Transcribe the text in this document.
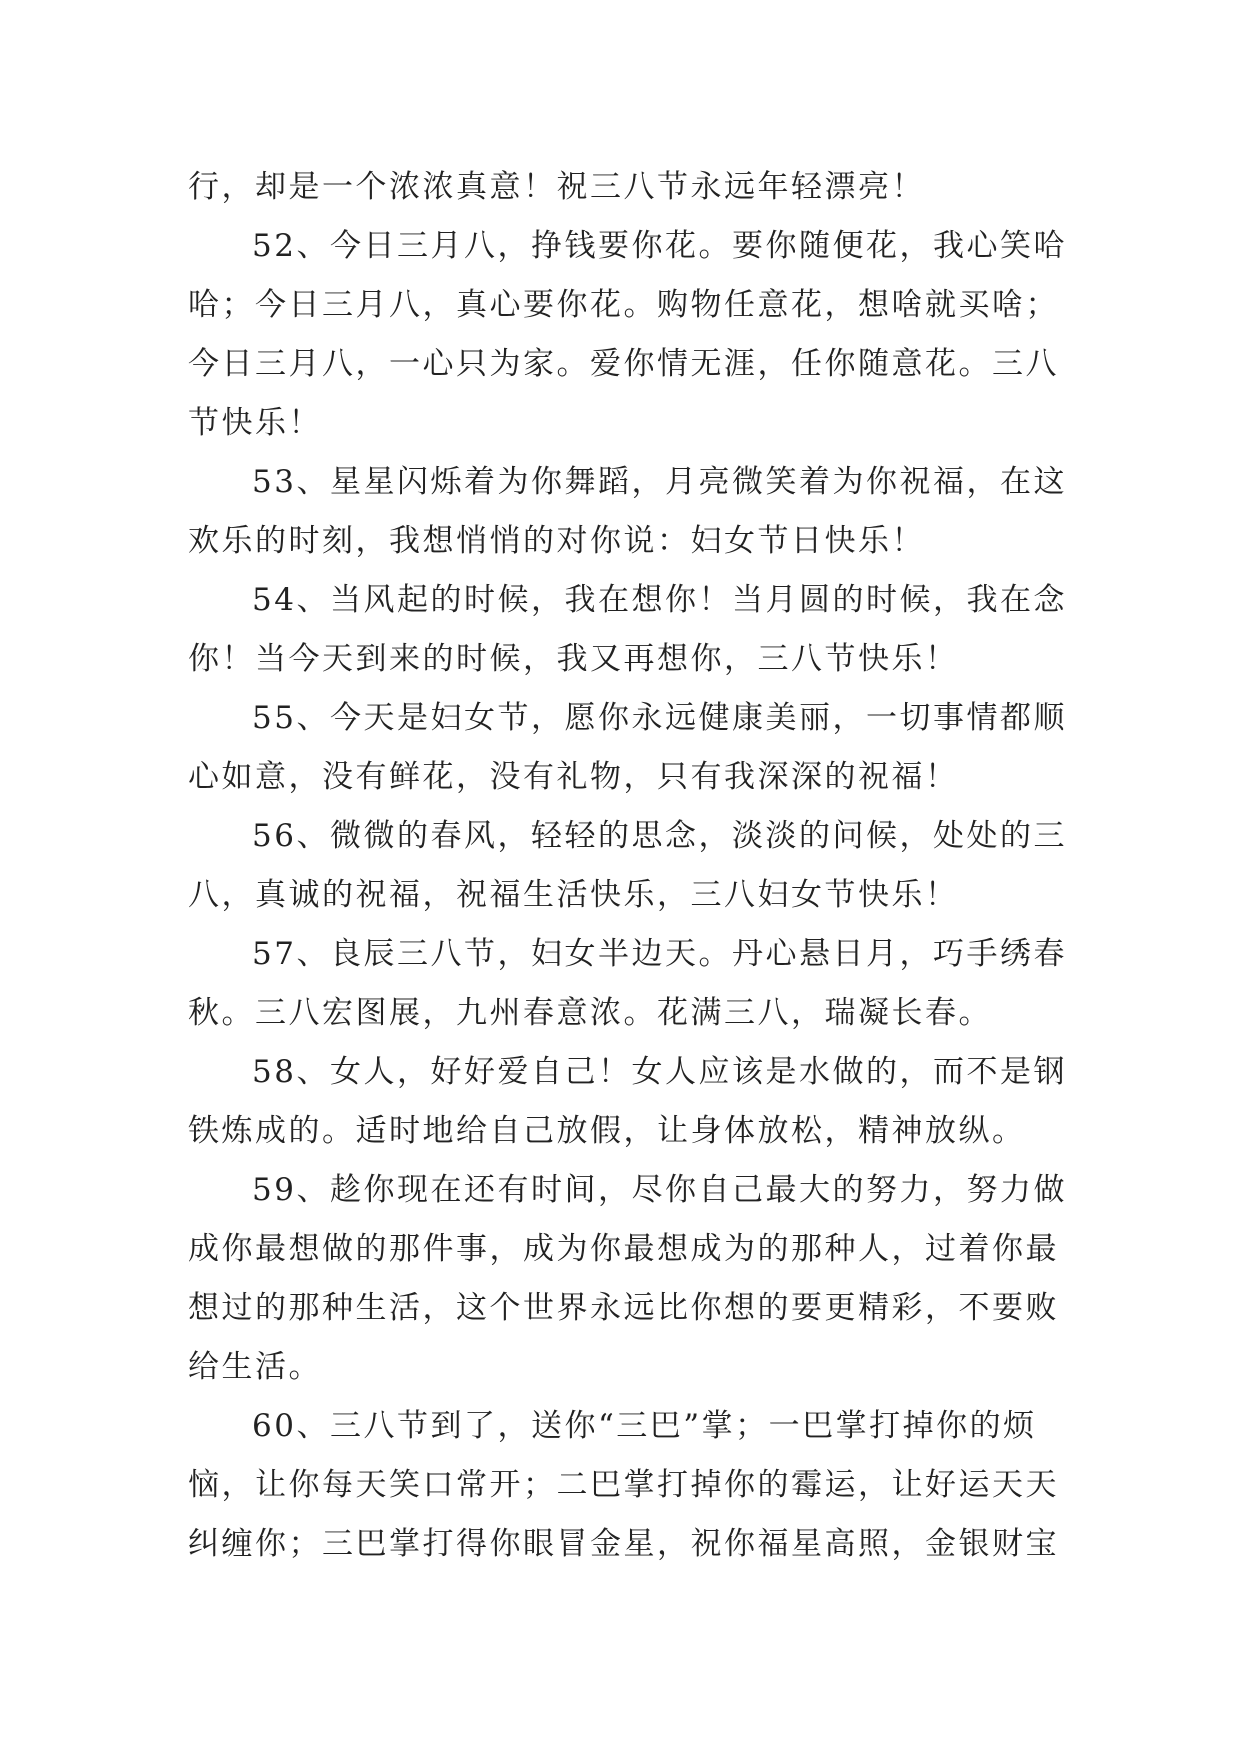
行，却是一个浓浓真意！祝三八节永远年轻漂亮！
52、今日三月八，挣钱要你花。要你随便花，我心笑哈
哈；今日三月八，真心要你花。购物任意花，想啥就买啥；
今日三月八，一心只为家。爱你情无涯，任你随意花。三八
节快乐！
53、星星闪烁着为你舞蹈，月亮微笑着为你祝福，在这
欢乐的时刻，我想悄悄的对你说：妇女节日快乐！
54、当风起的时候，我在想你！当月圆的时候，我在念
你！当今天到来的时候，我又再想你，三八节快乐！
55、今天是妇女节，愿你永远健康美丽，一切事情都顺
心如意，没有鲜花，没有礼物，只有我深深的祝福！
56、微微的春风，轻轻的思念，淡淡的问候，处处的三
八，真诚的祝福，祝福生活快乐，三八妇女节快乐！
57、良辰三八节，妇女半边天。丹心悬日月，巧手绣春
秋。三八宏图展，九州春意浓。花满三八，瑞凝长春。
58、女人，好好爱自己！女人应该是水做的，而不是钢
铁炼成的。适时地给自己放假，让身体放松，精神放纵。
59、趁你现在还有时间，尽你自己最大的努力，努力做
成你最想做的那件事，成为你最想成为的那种人，过着你最
想过的那种生活，这个世界永远比你想的要更精彩，不要败
给生活。
60、三八节到了，送你“三巴”掌；一巴掌打掉你的烦
恼，让你每天笑口常开；二巴掌打掉你的霉运，让好运天天
纠缠你；三巴掌打得你眼冒金星，祝你福星高照，金银财宝
